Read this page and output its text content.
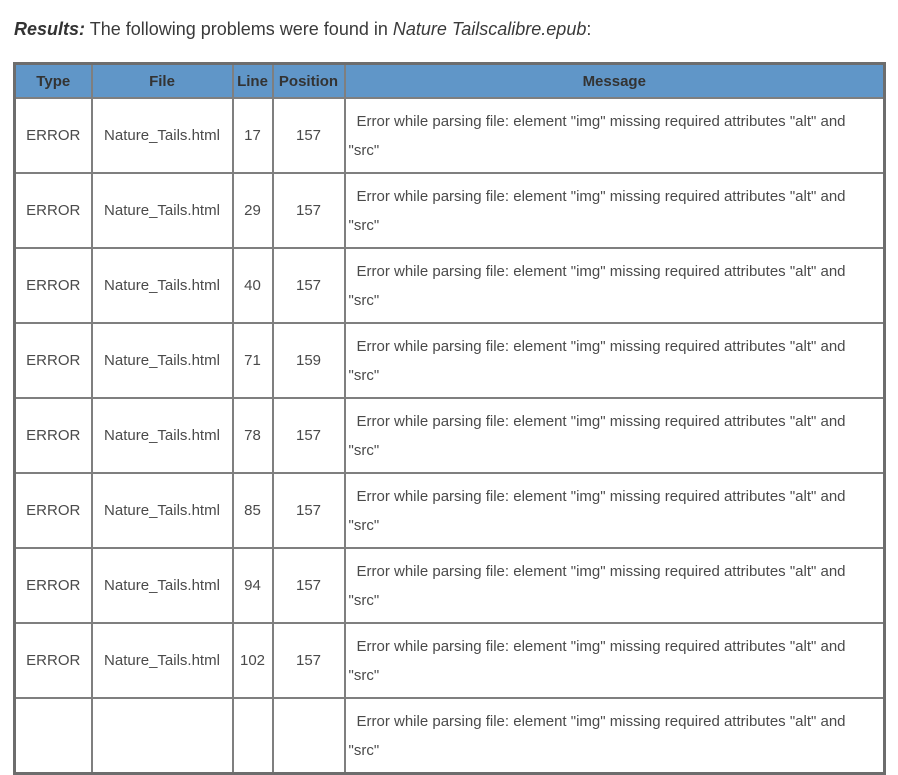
Results: The following problems were found in Nature Tailscalibre.epub:

Type	File	Line	Position	Message
ERROR	Nature_Tails.html	17	157	Error while parsing file: element "img" missing required attributes "alt" and "src"
ERROR	Nature_Tails.html	29	157	Error while parsing file: element "img" missing required attributes "alt" and "src"
ERROR	Nature_Tails.html	40	157	Error while parsing file: element "img" missing required attributes "alt" and "src"
ERROR	Nature_Tails.html	71	159	Error while parsing file: element "img" missing required attributes "alt" and "src"
ERROR	Nature_Tails.html	78	157	Error while parsing file: element "img" missing required attributes "alt" and "src"
ERROR	Nature_Tails.html	85	157	Error while parsing file: element "img" missing required attributes "alt" and "src"
ERROR	Nature_Tails.html	94	157	Error while parsing file: element "img" missing required attributes "alt" and "src"
ERROR	Nature_Tails.html	102	157	Error while parsing file: element "img" missing required attributes "alt" and "src"
				Error while parsing file: element "img" missing required attributes "alt" and "src"
